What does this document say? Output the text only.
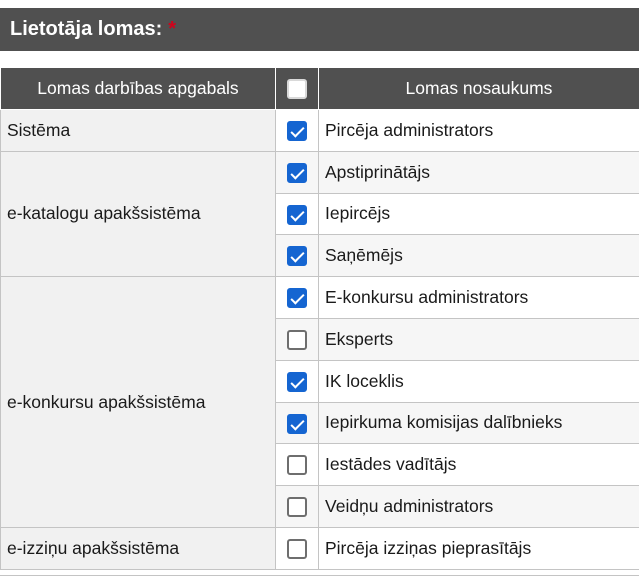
Lietotāja lomas: *
Lomas darbības apgabals		Lomas nosaukums
Sistēma		Pircēja administrators
e-katalogu apakšsistēma		Apstiprinātājs
		Iepircējs
		Saņēmējs
e-konkursu apakšsistēma		E-konkursu administrators
		Eksperts
		IK loceklis
		Iepirkuma komisijas dalībnieks
		Iestādes vadītājs
		Veidņu administrators
e-izziņu apakšsistēma		Pircēja izziņas pieprasītājs
